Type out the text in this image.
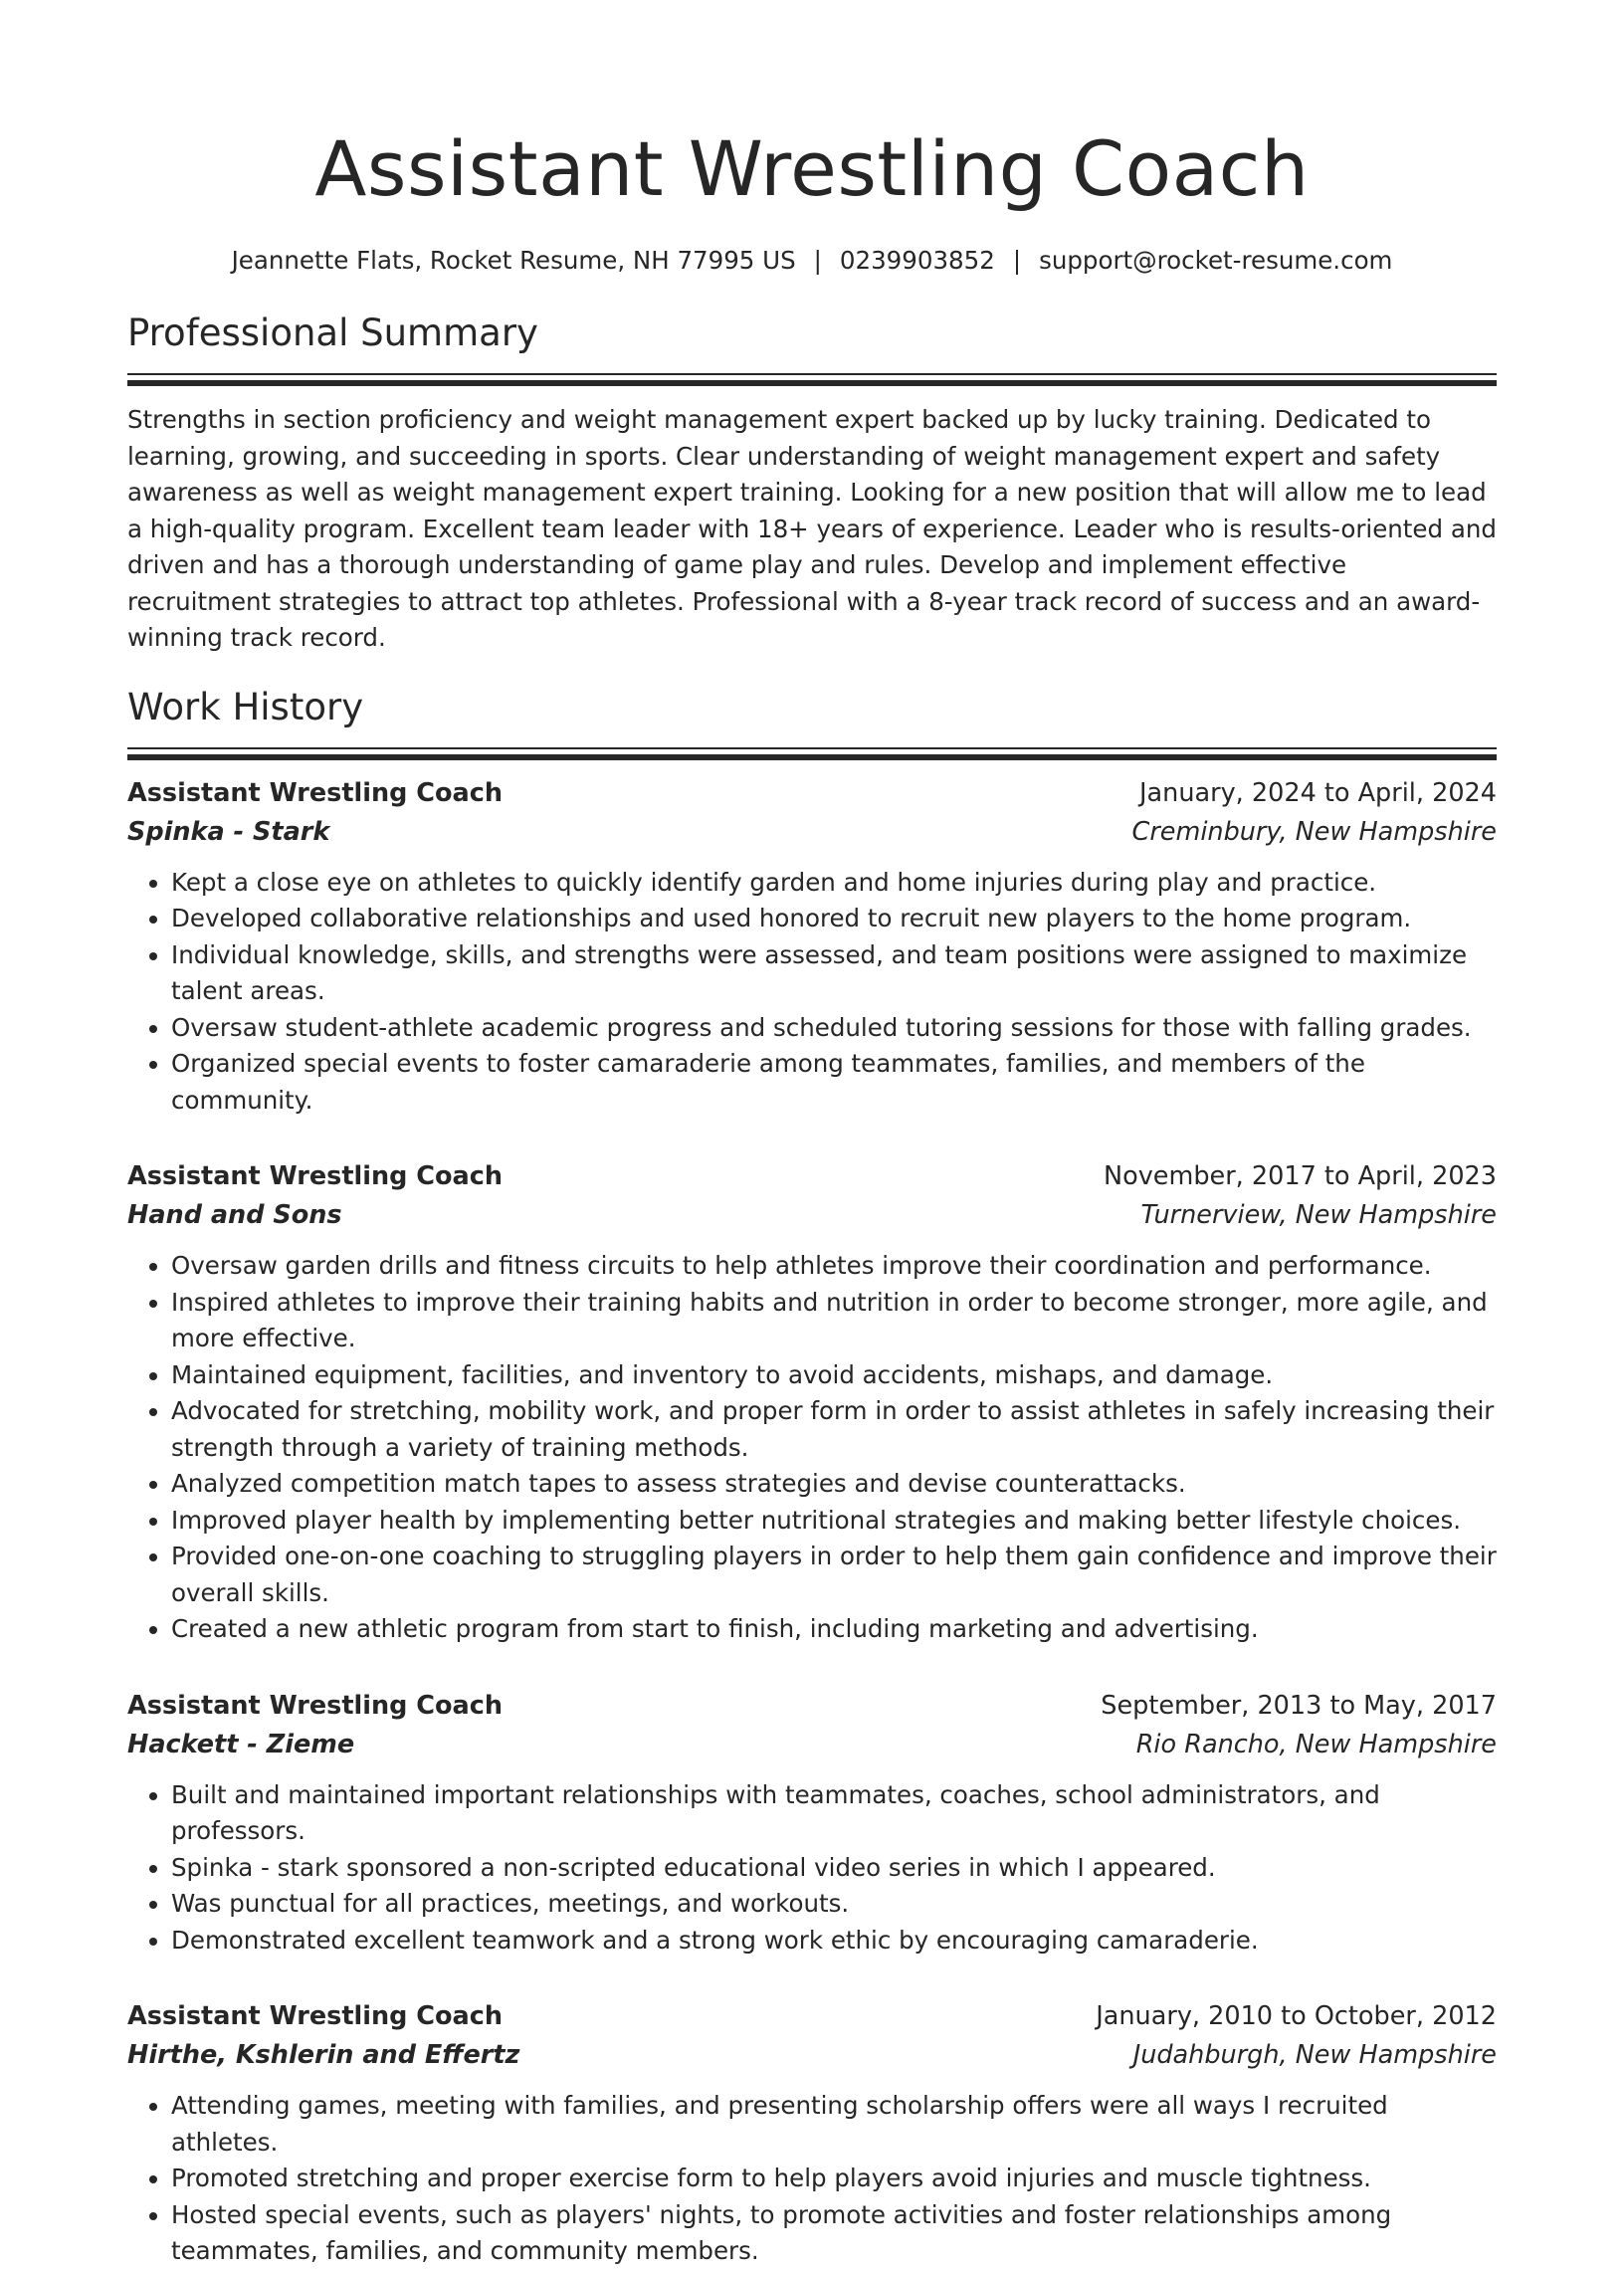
Assistant Wrestling Coach
Jeannette Flats, Rocket Resume, NH 77995 US | 0239903852 | support@rocket-resume.com
Professional Summary

Strengths in section proficiency and weight management expert backed up by lucky training. Dedicated to learning, growing, and succeeding in sports. Clear understanding of weight management expert and safety awareness as well as weight management expert training. Looking for a new position that will allow me to lead a high-quality program. Excellent team leader with 18+ years of experience. Leader who is results-oriented and driven and has a thorough understanding of game play and rules. Develop and implement effective recruitment strategies to attract top athletes. Professional with a 8-year track record of success and an award-winning track record.

Work History
Assistant Wrestling Coach	January, 2024 to April, 2024
Spinka - Stark	Creminbury, New Hampshire
• Kept a close eye on athletes to quickly identify garden and home injuries during play and practice.
• Developed collaborative relationships and used honored to recruit new players to the home program.
• Individual knowledge, skills, and strengths were assessed, and team positions were assigned to maximize talent areas.
• Oversaw student-athlete academic progress and scheduled tutoring sessions for those with falling grades.
• Organized special events to foster camaraderie among teammates, families, and members of the community.
Assistant Wrestling Coach	November, 2017 to April, 2023
Hand and Sons	Turnerview, New Hampshire
• Oversaw garden drills and fitness circuits to help athletes improve their coordination and performance.
• Inspired athletes to improve their training habits and nutrition in order to become stronger, more agile, and more effective.
• Maintained equipment, facilities, and inventory to avoid accidents, mishaps, and damage.
• Advocated for stretching, mobility work, and proper form in order to assist athletes in safely increasing their strength through a variety of training methods.
• Analyzed competition match tapes to assess strategies and devise counterattacks.
• Improved player health by implementing better nutritional strategies and making better lifestyle choices.
• Provided one-on-one coaching to struggling players in order to help them gain confidence and improve their overall skills.
• Created a new athletic program from start to finish, including marketing and advertising.
Assistant Wrestling Coach	September, 2013 to May, 2017
Hackett - Zieme	Rio Rancho, New Hampshire
• Built and maintained important relationships with teammates, coaches, school administrators, and professors.
• Spinka - stark sponsored a non-scripted educational video series in which I appeared.
• Was punctual for all practices, meetings, and workouts.
• Demonstrated excellent teamwork and a strong work ethic by encouraging camaraderie.
Assistant Wrestling Coach	January, 2010 to October, 2012
Hirthe, Kshlerin and Effertz	Judahburgh, New Hampshire
• Attending games, meeting with families, and presenting scholarship offers were all ways I recruited athletes.
• Promoted stretching and proper exercise form to help players avoid injuries and muscle tightness.
• Hosted special events, such as players' nights, to promote activities and foster relationships among teammates, families, and community members.
